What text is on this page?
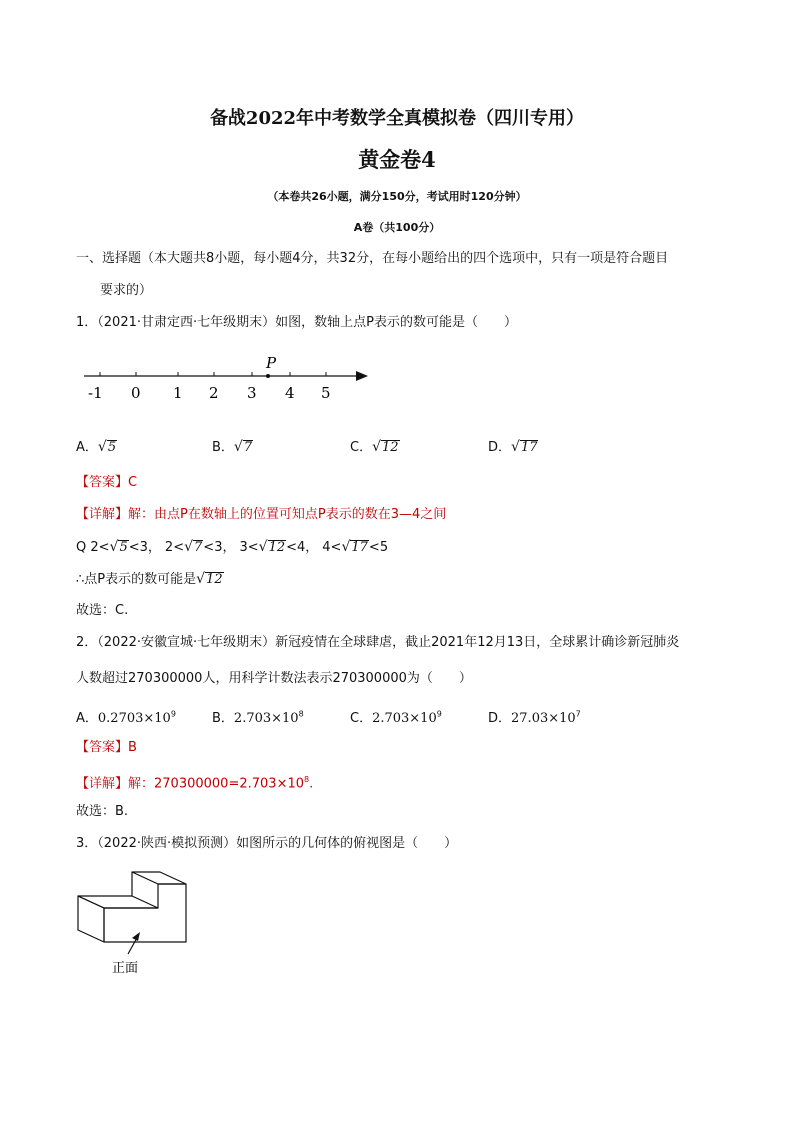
备战2022年中考数学全真模拟卷（四川专用）
黄金卷4
（本卷共26小题，满分150分，考试用时120分钟）
A卷（共100分）
一、选择题（本大题共8小题，每小题4分，共32分，在每小题给出的四个选项中，只有一项是符合题目
要求的）
1．（2021·甘肃定西·七年级期末）如图，数轴上点P表示的数可能是（　　）
-1 0 1 2 3 4 5
P
A． √ 5	B． √ 7	C． √ 12	D． √ 17
【答案】C
【详解】解：由点P在数轴上的位置可知点P表示的数在3—4之间
Q 2< √ 5 <3， 2< √ 7 <3， 3< √ 12 <4， 4< √ 17 <5
∴点P表示的数可能是 √ 12
故选：C.
2．（2022·安徽宣城·七年级期末）新冠疫情在全球肆虐，截止2021年12月13日，全球累计确诊新冠肺炎
人数超过270300000人，用科学计数法表示270300000为（　　）
A．$0.2703\times 10^9$	B．$2.703\times 10^8$	C．$2.703\times 10^9$	D．$27.03\times 10^7$
【答案】B
【详解】解：$270300000=2.703\times 10^8$.
故选：B.
3．（2022·陕西·模拟预测）如图所示的几何体的俯视图是（　　）
正面
